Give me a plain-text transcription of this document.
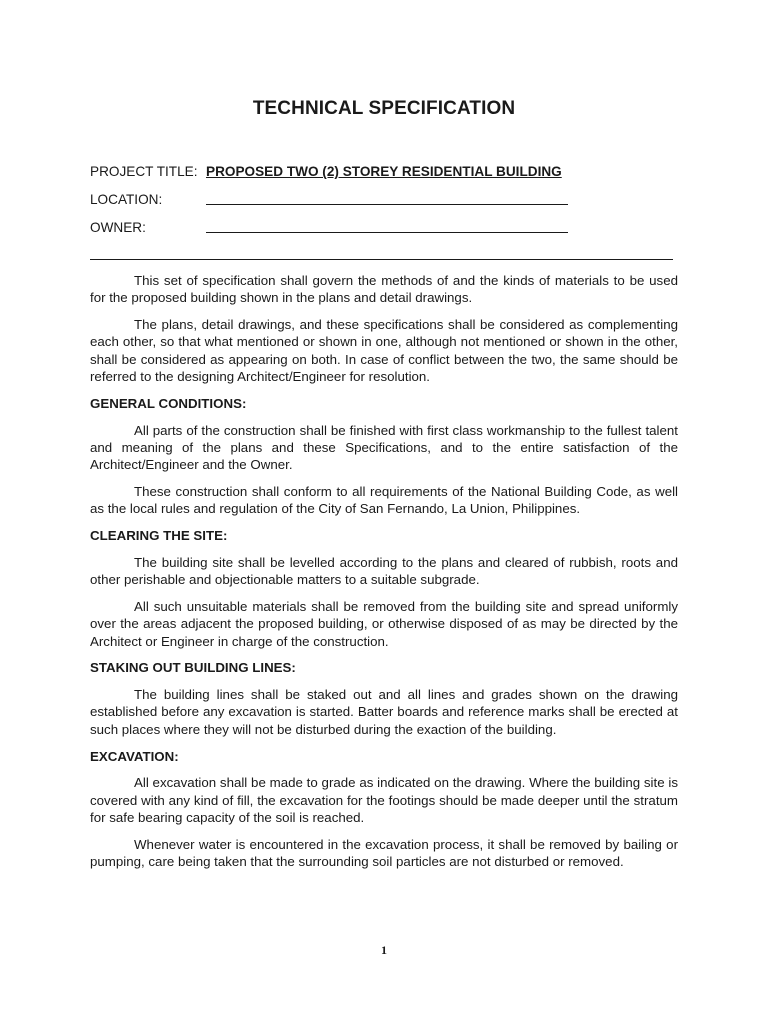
TECHNICAL SPECIFICATION
PROJECT TITLE: PROPOSED TWO (2) STOREY RESIDENTIAL BUILDING
LOCATION:
OWNER:

This set of specification shall govern the methods of and the kinds of materials to be used for the proposed building shown in the plans and detail drawings.

The plans, detail drawings, and these specifications shall be considered as complementing each other, so that what mentioned or shown in one, although not mentioned or shown in the other, shall be considered as appearing on both. In case of conflict between the two, the same should be referred to the designing Architect/Engineer for resolution.

GENERAL CONDITIONS:

All parts of the construction shall be finished with first class workmanship to the fullest talent and meaning of the plans and these Specifications, and to the entire satisfaction of the Architect/Engineer and the Owner.

These construction shall conform to all requirements of the National Building Code, as well as the local rules and regulation of the City of San Fernando, La Union, Philippines.

CLEARING THE SITE:

The building site shall be levelled according to the plans and cleared of rubbish, roots and other perishable and objectionable matters to a suitable subgrade.

All such unsuitable materials shall be removed from the building site and spread uniformly over the areas adjacent the proposed building, or otherwise disposed of as may be directed by the Architect or Engineer in charge of the construction.

STAKING OUT BUILDING LINES:

The building lines shall be staked out and all lines and grades shown on the drawing established before any excavation is started. Batter boards and reference marks shall be erected at such places where they will not be disturbed during the exaction of the building.

EXCAVATION:

All excavation shall be made to grade as indicated on the drawing. Where the building site is covered with any kind of fill, the excavation for the footings should be made deeper until the stratum for safe bearing capacity of the soil is reached.

Whenever water is encountered in the excavation process, it shall be removed by bailing or pumping, care being taken that the surrounding soil particles are not disturbed or removed.

1
